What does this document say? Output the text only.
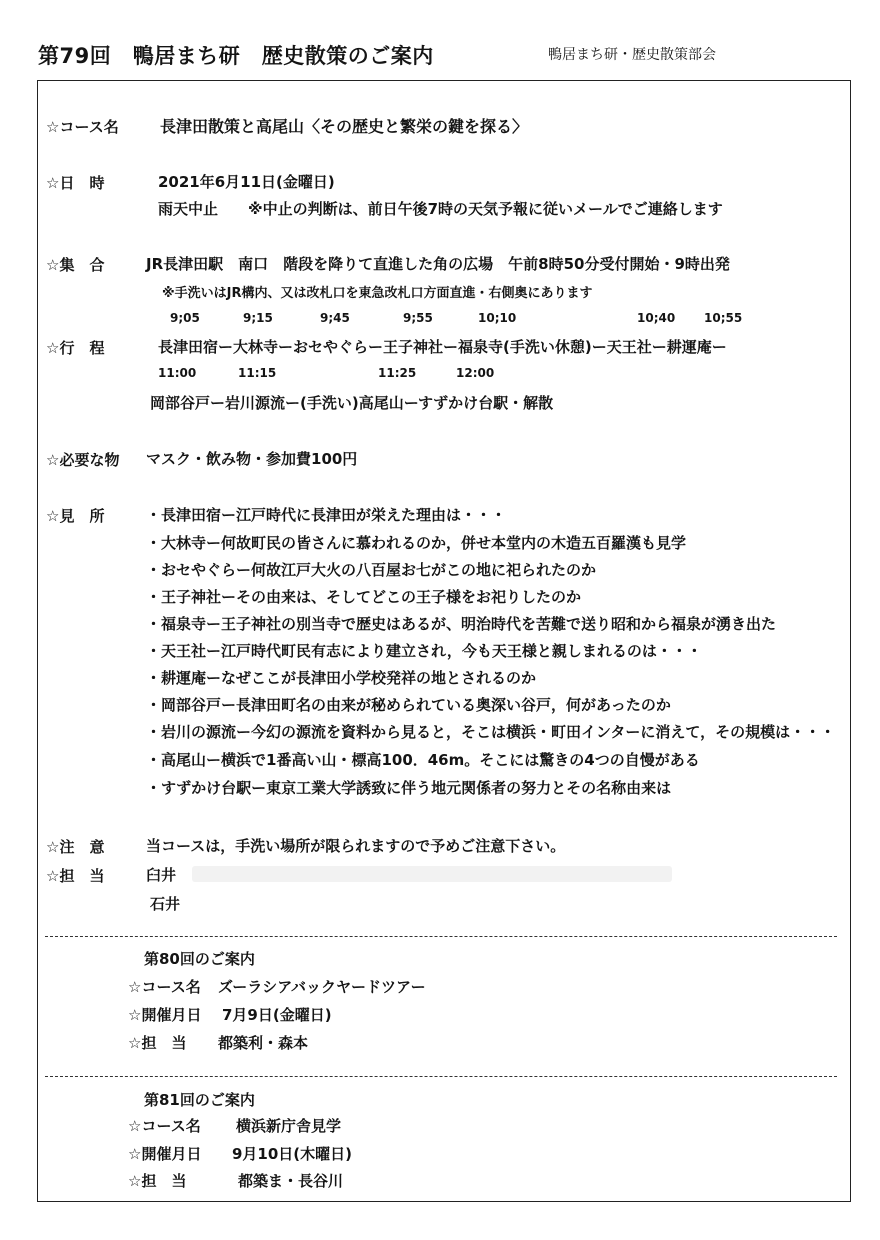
第79回　鴨居まち研　歴史散策のご案内	鴨居まち研・歴史散策部会
☆コース名	長津田散策と高尾山〈その歴史と繁栄の鍵を探る〉
☆日　時	2021年6月11日(金曜日)
雨天中止　　※中止の判断は、前日午後7時の天気予報に従いメールでご連絡します
☆集　合	JR長津田駅　南口　階段を降りて直進した角の広場　午前8時50分受付開始・9時出発
※手洗いはJR構内、又は改札口を東急改札口方面直進・右側奥にあります
9;05	9;15	9;45	9;55	10;10	10;40 10;55
☆行　程	長津田宿ー大林寺ーおセやぐらー王子神社ー福泉寺(手洗い休憩)ー天王社ー耕運庵ー
11:00	11:15	11:25	12:00
岡部谷戸ー岩川源流ー(手洗い)高尾山ーすずかけ台駅・解散
☆必要な物 マスク・飲み物・参加費100円
☆見　所	・長津田宿ー江戸時代に長津田が栄えた理由は・・・
・大林寺ー何故町民の皆さんに慕われるのか，併せ本堂内の木造五百羅漢も見学
・おセやぐらー何故江戸大火の八百屋お七がこの地に祀られたのか
・王子神社ーその由来は、そしてどこの王子様をお祀りしたのか
・福泉寺ー王子神社の別当寺で歴史はあるが、明治時代を苦難で送り昭和から福泉が湧き出た
・天王社ー江戸時代町民有志により建立され，今も天王様と親しまれるのは・・・
・耕運庵ーなぜここが長津田小学校発祥の地とされるのか
・岡部谷戸ー長津田町名の由来が秘められている奥深い谷戸，何があったのか
・岩川の源流ー今幻の源流を資料から見ると，そこは横浜・町田インターに消えて，その規模は・・・
・高尾山ー横浜で1番高い山・標高100．46m。そこには驚きの4つの自慢がある
・すずかけ台駅ー東京工業大学誘致に伴う地元関係者の努力とその名称由来は
☆注　意	当コースは，手洗い場所が限られますので予めご注意下さい。
☆担　当	臼井
石井
第80回のご案内
☆コース名 ズーラシアバックヤードツアー
☆開催月日 7月9日(金曜日)
☆担　当 都築利・森本
第81回のご案内
☆コース名 横浜新庁舎見学
☆開催月日 9月10日(木曜日)
☆担　当	都築ま・長谷川
